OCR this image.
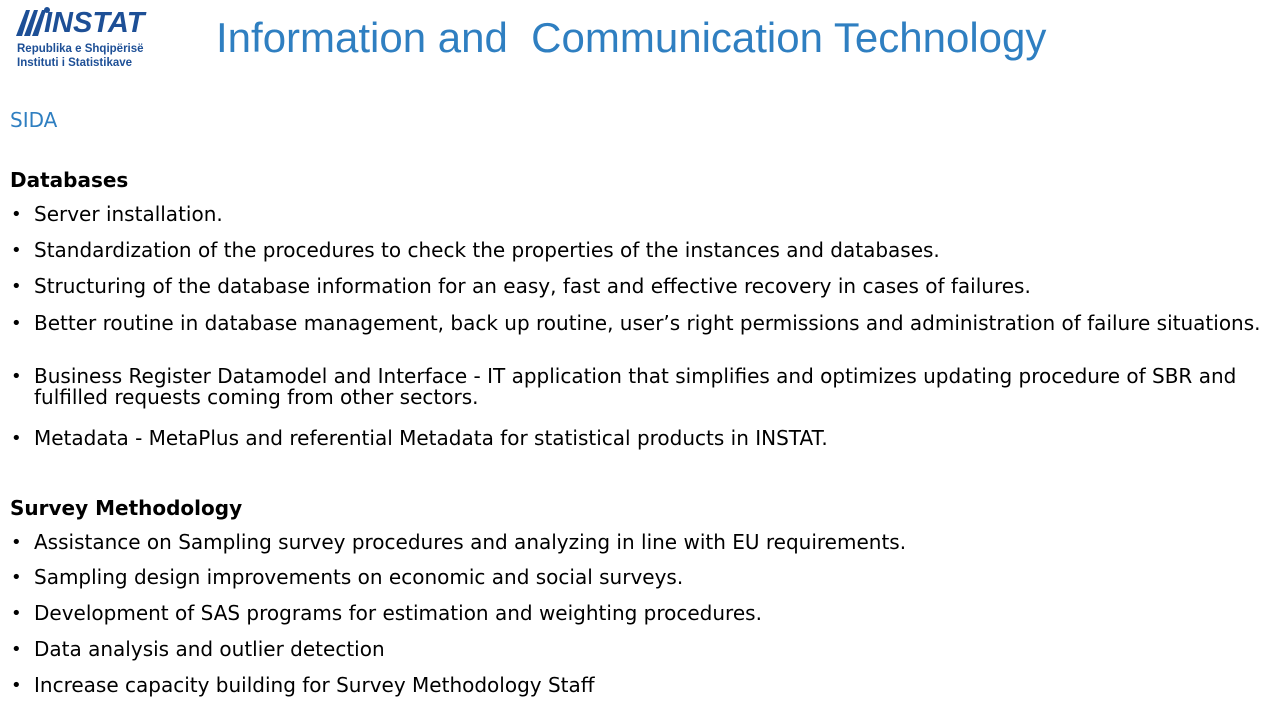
INSTAT
Republika e Shqipërisë
Instituti i Statistikave
Information and  Communication Technology
SIDA
Databases
• Server installation.
• Standardization of the procedures to check the properties of the instances and databases.
• Structuring of the database information for an easy, fast and effective recovery in cases of failures.
• Better routine in database management, back up routine, user’s right permissions and administration of failure situations.
• Business Register Datamodel and Interface - IT application that simplifies and optimizes updating procedure of SBR and fulfilled requests coming from other sectors.
• Metadata - MetaPlus and referential Metadata for statistical products in INSTAT.
Survey Methodology
• Assistance on Sampling survey procedures and analyzing in line with EU requirements.
• Sampling design improvements on economic and social surveys.
• Development of SAS programs for estimation and weighting procedures.
• Data analysis and outlier detection
• Increase capacity building for Survey Methodology Staff
